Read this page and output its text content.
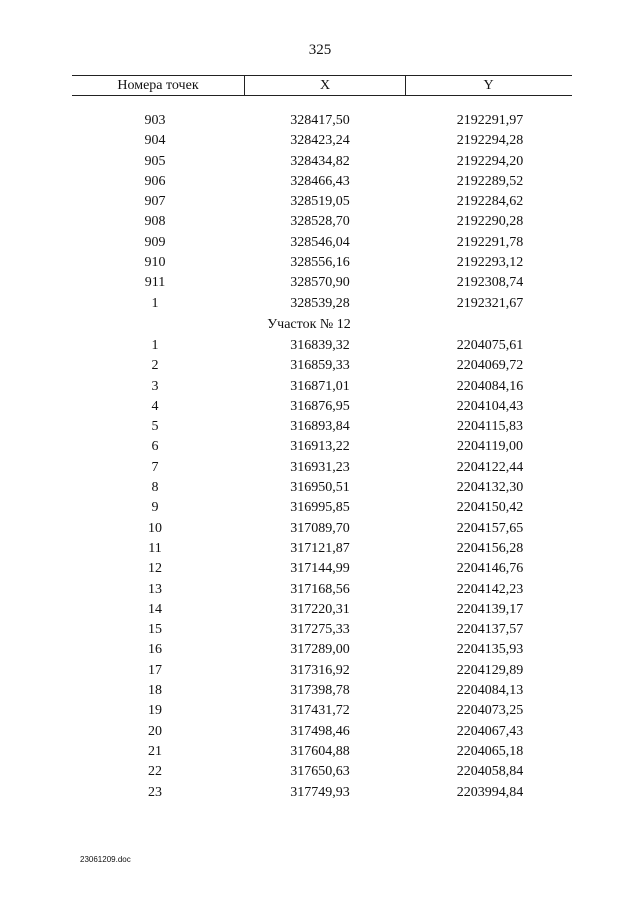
325
Номера точек	X	Y
903	328417,50	2192291,97
904	328423,24	2192294,28
905	328434,82	2192294,20
906	328466,43	2192289,52
907	328519,05	2192284,62
908	328528,70	2192290,28
909	328546,04	2192291,78
910	328556,16	2192293,12
911	328570,90	2192308,74
1	328539,28	2192321,67
Участок № 12
1	316839,32	2204075,61
2	316859,33	2204069,72
3	316871,01	2204084,16
4	316876,95	2204104,43
5	316893,84	2204115,83
6	316913,22	2204119,00
7	316931,23	2204122,44
8	316950,51	2204132,30
9	316995,85	2204150,42
10	317089,70	2204157,65
11	317121,87	2204156,28
12	317144,99	2204146,76
13	317168,56	2204142,23
14	317220,31	2204139,17
15	317275,33	2204137,57
16	317289,00	2204135,93
17	317316,92	2204129,89
18	317398,78	2204084,13
19	317431,72	2204073,25
20	317498,46	2204067,43
21	317604,88	2204065,18
22	317650,63	2204058,84
23	317749,93	2203994,84
23061209.doc
